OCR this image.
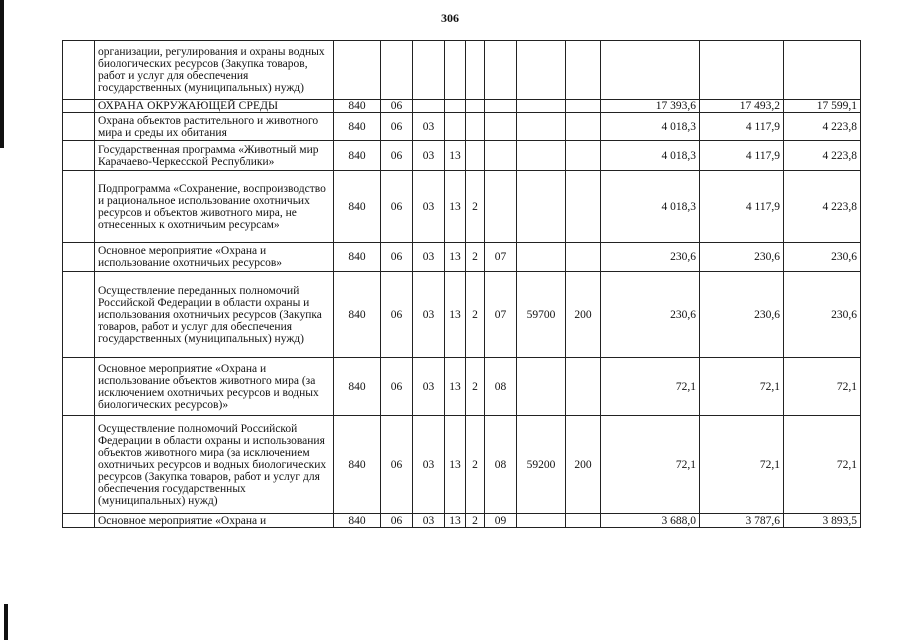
306
	организации, регулирования и охраны водных биологических ресурсов (Закупка товаров, работ и услуг для обеспечения государственных (муниципальных) нужд)											
	ОХРАНА ОКРУЖАЮЩЕЙ СРЕДЫ	840	06							17 393,6	17 493,2	17 599,1
	Охрана объектов растительного и животного мира и среды их обитания	840	06	03						4 018,3	4 117,9	4 223,8
	Государственная программа «Животный мир Карачаево-Черкесской Республики»	840	06	03	13					4 018,3	4 117,9	4 223,8
	Подпрограмма «Сохранение, воспроизводство и рациональное использование охотничьих ресурсов и объектов животного мира, не отнесенных к охотничьим ресурсам»	840	06	03	13	2				4 018,3	4 117,9	4 223,8
	Основное мероприятие «Охрана и использование охотничьих ресурсов»	840	06	03	13	2	07			230,6	230,6	230,6
	Осуществление переданных полномочий Российской Федерации в области охраны и использования охотничьих ресурсов (Закупка товаров, работ и услуг для обеспечения государственных (муниципальных) нужд)	840	06	03	13	2	07	59700	200	230,6	230,6	230,6
	Основное мероприятие «Охрана и использование объектов животного мира (за исключением охотничьих ресурсов и водных биологических ресурсов)»	840	06	03	13	2	08			72,1	72,1	72,1
	Осуществление полномочий Российской Федерации в области охраны и использования объектов животного мира (за исключением охотничьих ресурсов и водных биологических ресурсов (Закупка товаров, работ и услуг для обеспечения государственных (муниципальных) нужд)	840	06	03	13	2	08	59200	200	72,1	72,1	72,1
	Основное мероприятие «Охрана и	840	06	03	13	2	09			3 688,0	3 787,6	3 893,5
